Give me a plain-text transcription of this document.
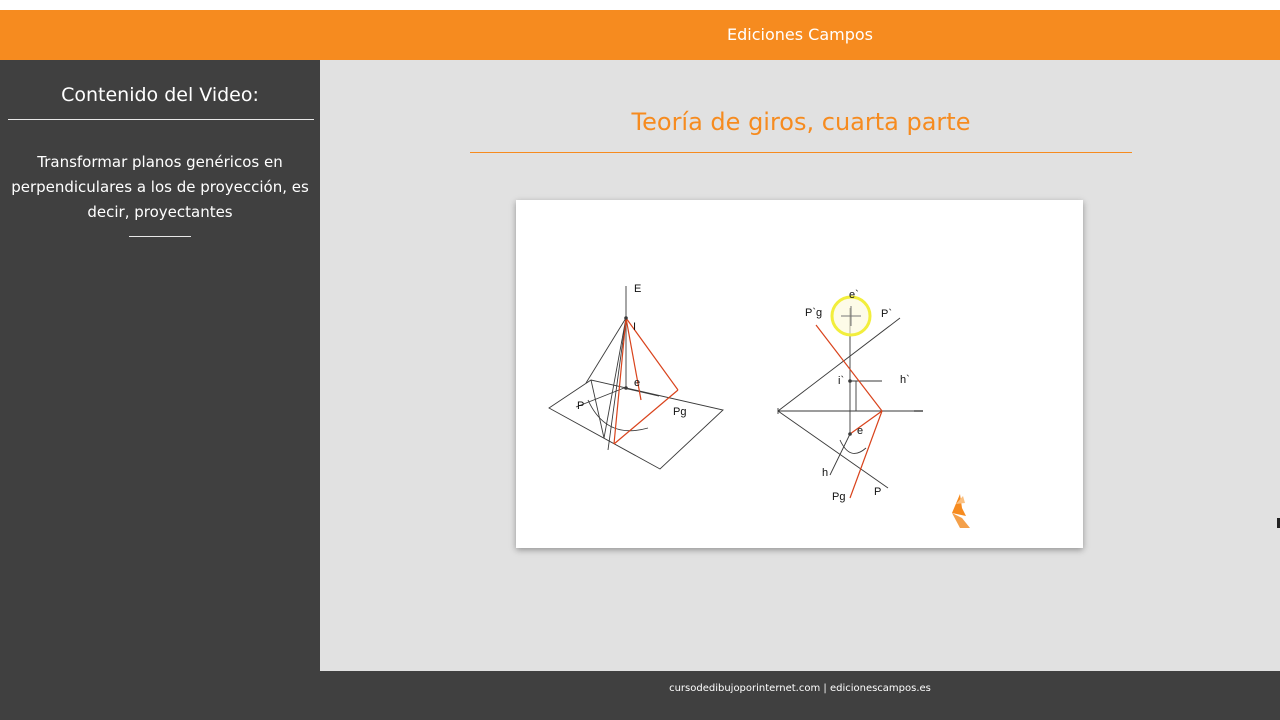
Ediciones Campos
Contenido del Video:

Transformar planos genéricos en perpendiculares a los de proyección, es decir, proyectantes

Teoría de giros, cuarta parte
E
I
e
P	Pg
e`
P`g	P`
i`	h`
e
h
Pg	P
cursodedibujoporinternet.com | edicionescampos.es
